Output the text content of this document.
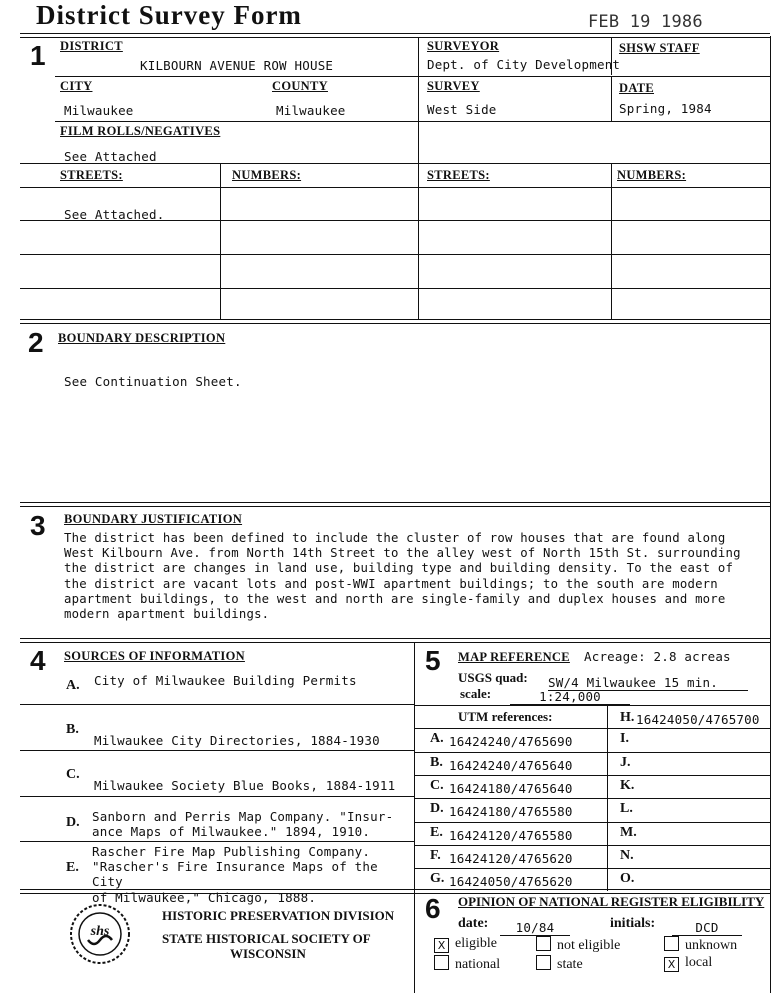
District Survey Form	FEB 19 1986
1 DISTRICT
KILBOURN AVENUE ROW HOUSE
SURVEYOR
Dept. of City Development
SHSW STAFF
CITY
Milwaukee
COUNTY
Milwaukee
SURVEY
West Side
DATE
Spring, 1984
FILM ROLLS/NEGATIVES
See Attached
STREETS:	NUMBERS:	STREETS:	NUMBERS:
See Attached.
2 BOUNDARY DESCRIPTION
See Continuation Sheet.
3 BOUNDARY JUSTIFICATION
The district has been defined to include the cluster of row houses that are found along
West Kilbourn Ave. from North 14th Street to the alley west of North 15th St. surrounding
the district are changes in land use, building type and building density. To the east of
the district are vacant lots and post-WWI apartment buildings; to the south are modern
apartment buildings, to the west and north are single-family and duplex houses and more
modern apartment buildings.
4 SOURCES OF INFORMATION
A. City of Milwaukee Building Permits
B.
Milwaukee City Directories, 1884-1930
C.
Milwaukee Society Blue Books, 1884-1911
D. Sanborn and Perris Map Company. "Insur-
ance Maps of Milwaukee." 1894, 1910.
E.
Rascher Fire Map Publishing Company.
"Rascher's Fire Insurance Maps of the City
of Milwaukee," Chicago, 1888.
5 MAP REFERENCE Acreage: 2.8 acreas
USGS quad: SW/4 Milwaukee 15 min.
scale:	1:24,000
UTM references:	H. 16424050/4765700
A. 16424240/4765690	I.
B. 16424240/4765640	J.
C. 16424180/4765640	K.
D. 16424180/4765580	L.
E. 16424120/4765580	M.
F. 16424120/4765620	N.
G. 16424050/4765620	O.
shs
HISTORIC PRESERVATION DIVISION
STATE HISTORICAL SOCIETY OF
WISCONSIN
6 OPINION OF NATIONAL REGISTER ELIGIBILITY
date:	10/84	initials:	DCD
X eligible	not eligible	unknown
national	state	X local
